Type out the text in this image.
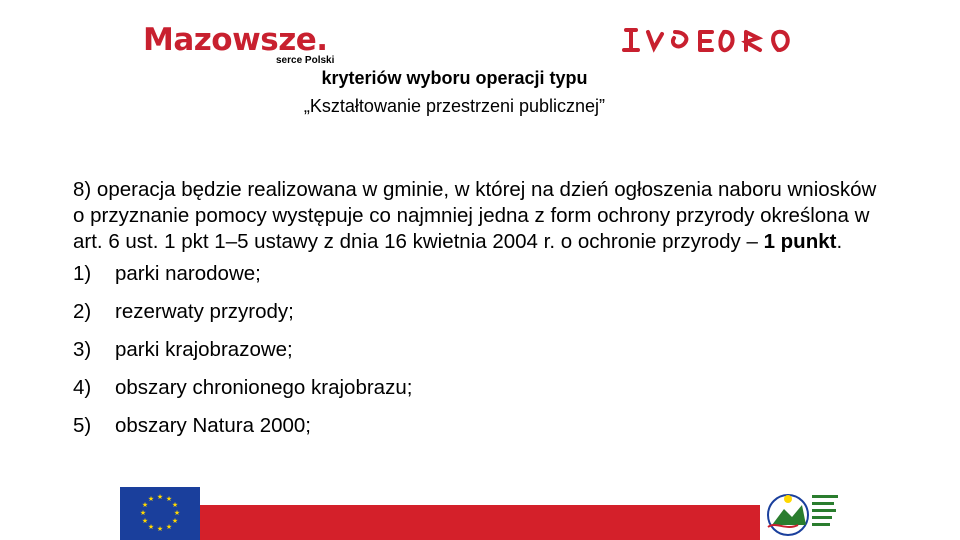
Mazowsze.
serce Polski
kryteriów wyboru operacji typu
„Kształtowanie przestrzeni publicznej”

8) operacja będzie realizowana w gminie, w której na dzień ogłoszenia naboru wniosków o przyznanie pomocy występuje co najmniej jedna z form ochrony przyrody określona w art. 6 ust. 1 pkt 1–5 ustawy z dnia 16 kwietnia 2004 r. o ochronie przyrody – 1 punkt.

1)	parki narodowe;
2)	rezerwaty przyrody;
3)	parki krajobrazowe;
4)	obszary chronionego krajobrazu;
5)	obszary Natura 2000;
★ ★
★
★
★
★
★
★
★
★
★
★
